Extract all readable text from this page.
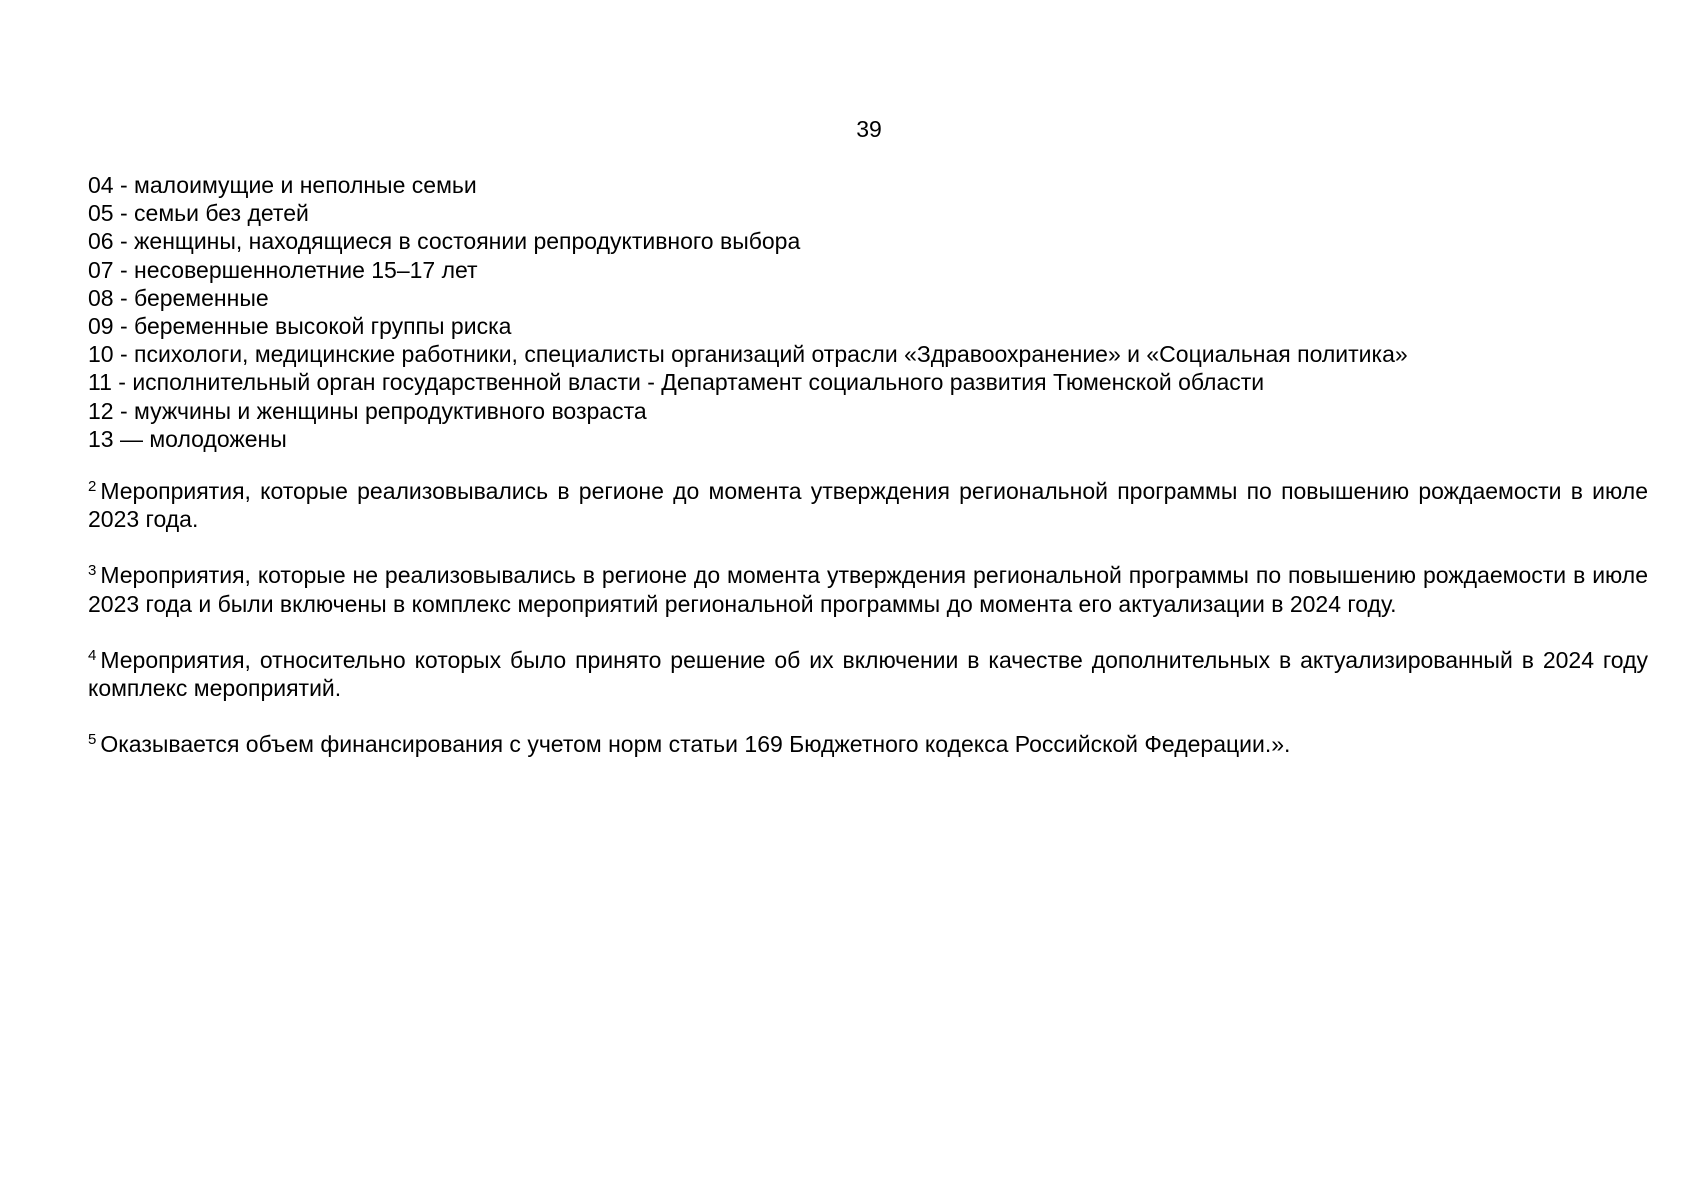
39
04 - малоимущие и неполные семьи
05 - семьи без детей
06 - женщины, находящиеся в состоянии репродуктивного выбора
07 - несовершеннолетние 15–17 лет
08 - беременные
09 - беременные высокой группы риска
10 - психологи, медицинские работники, специалисты организаций отрасли «Здравоохранение» и «Социальная политика»
11 - исполнительный орган государственной власти - Департамент социального развития Тюменской области
12 - мужчины и женщины репродуктивного возраста
13 — молодожены

$^2$ Мероприятия, которые реализовывались в регионе до момента утверждения региональной программы по повышению рождаемости в июле 2023 года.

$^3$ Мероприятия, которые не реализовывались в регионе до момента утверждения региональной программы по повышению рождаемости в июле 2023 года и были включены в комплекс мероприятий региональной программы до момента его актуализации в 2024 году.

$^4$ Мероприятия, относительно которых было принято решение об их включении в качестве дополнительных в актуализированный в 2024 году комплекс мероприятий.

$^5$ Оказывается объем финансирования с учетом норм статьи 169 Бюджетного кодекса Российской Федерации.».
